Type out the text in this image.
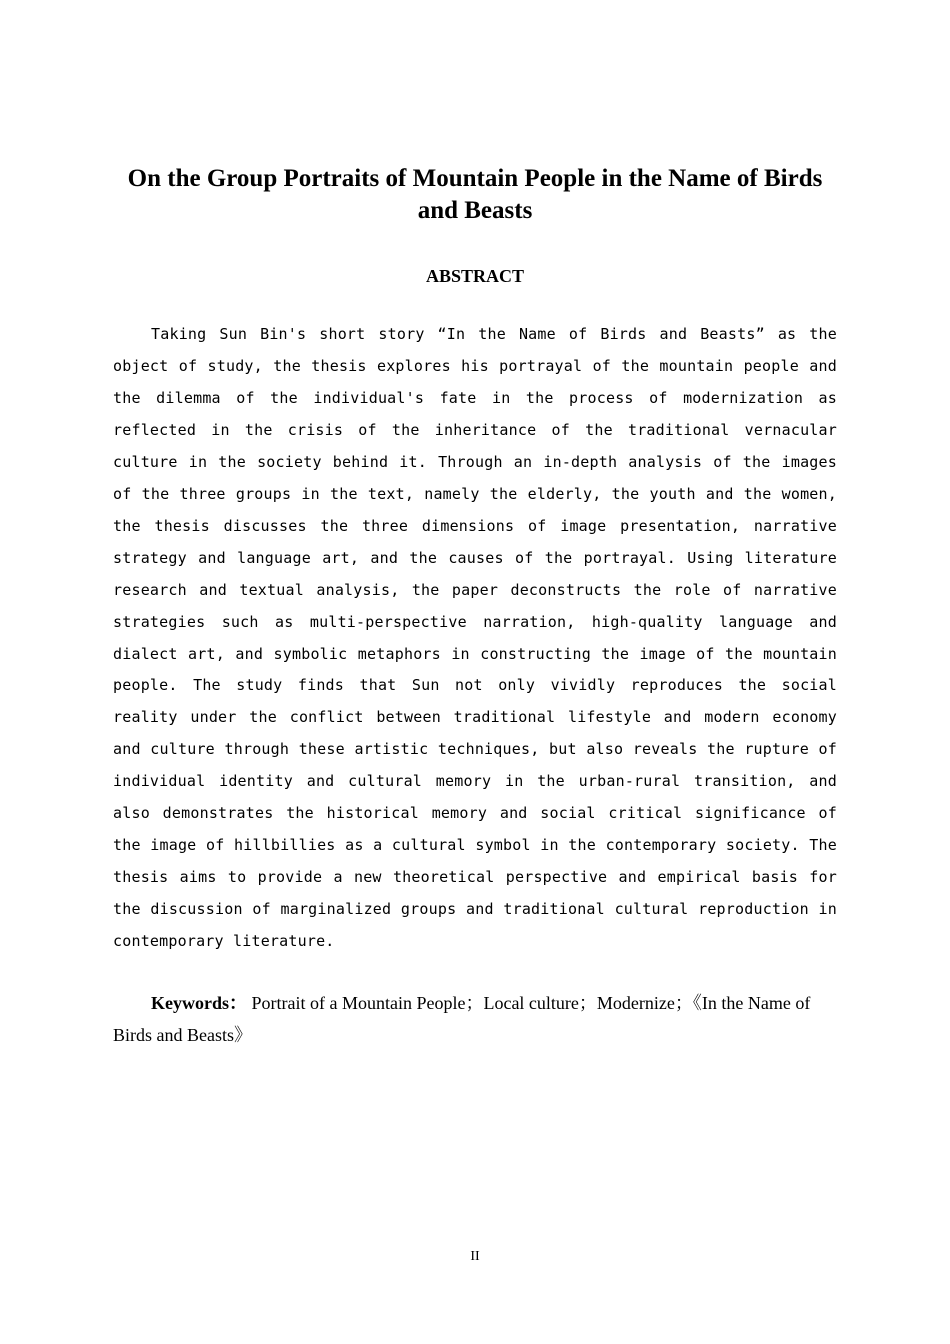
On the Group Portraits of Mountain People in the Name of Birds and Beasts
ABSTRACT

Taking Sun Bin's short story “In the Name of Birds and Beasts” as the object of study, the thesis explores his portrayal of the mountain people and the dilemma of the individual's fate in the process of modernization as reflected in the crisis of the inheritance of the traditional vernacular culture in the society behind it. Through an in-depth analysis of the images of the three groups in the text, namely the elderly, the youth and the women, the thesis discusses the three dimensions of image presentation, narrative strategy and language art, and the causes of the portrayal. Using literature research and textual analysis, the paper deconstructs the role of narrative strategies such as multi-perspective narration, high-quality language and dialect art, and symbolic metaphors in constructing the image of the mountain people. The study finds that Sun not only vividly reproduces the social reality under the conflict between traditional lifestyle and modern economy and culture through these artistic techniques, but also reveals the rupture of individual identity and cultural memory in the urban-rural transition, and also demonstrates the historical memory and social critical significance of the image of hillbillies as a cultural symbol in the contemporary society. The thesis aims to provide a new theoretical perspective and empirical basis for the discussion of marginalized groups and traditional cultural reproduction in contemporary literature.

Keywords： Portrait of a Mountain People；Local culture；Modernize；《In the Name of Birds and Beasts》

II
